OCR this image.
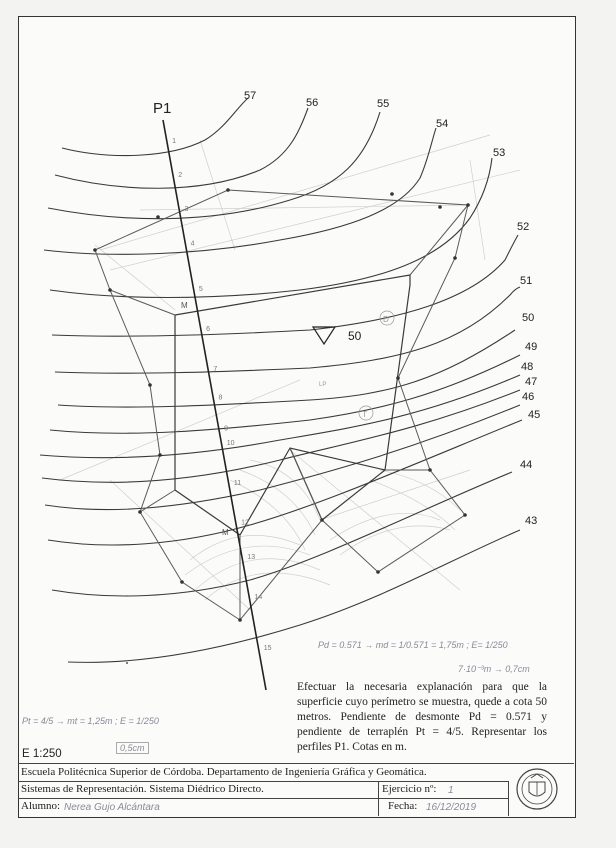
P1
1
2
3
4
5
6
7
8
9
10
11
12
13
14
15
57
56	55
54
53
52
51
50
49
48
47
46
45
44
43
M
M
LP
D
T
50
Pd = 0.571 → md = 1/0.571 = 1,75m ; E= 1/250
7·10⁻³m → 0,7cm
Pt = 4/5 → mt = 1,25m ; E = 1/250
0,5cm
Efectuar la necesaria explanación para que la superficie cuyo perímetro se muestra, quede a cota 50 metros. Pendiente de desmonte Pd = 0.571 y pendiente de terraplén Pt = 4/5. Representar los perfiles P1. Cotas en m.
E 1:250
Escuela Politécnica Superior de Córdoba. Departamento de Ingeniería Gráfica y Geomática.
Sistemas de Representación. Sistema Diédrico Directo.	Ejercicio nº: 1
Alumno: Nerea Gujo Alcántara	Fecha: 16/12/2019
